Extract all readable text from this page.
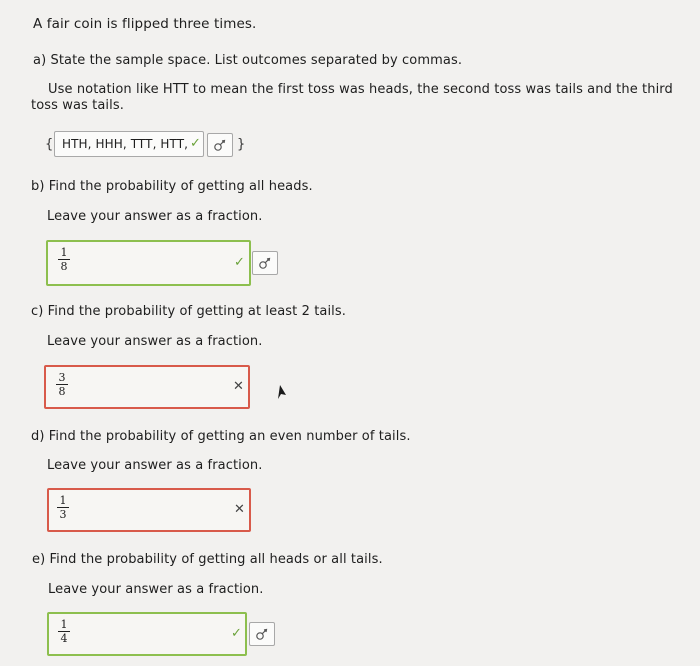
A fair coin is flipped three times.
a) State the sample space. List outcomes separated by commas.
Use notation like HTT to mean the first toss was heads, the second toss was tails and the third toss was tails.
{ HTH, HHH, TTT, HTT, ✓	}
b) Find the probability of getting all heads.
Leave your answer as a fraction.
1
8	✓
c) Find the probability of getting at least 2 tails.
Leave your answer as a fraction.
3
8	✕
d) Find the probability of getting an even number of tails.
Leave your answer as a fraction.
1
3	✕
e) Find the probability of getting all heads or all tails.
Leave your answer as a fraction.
1
4	✓
